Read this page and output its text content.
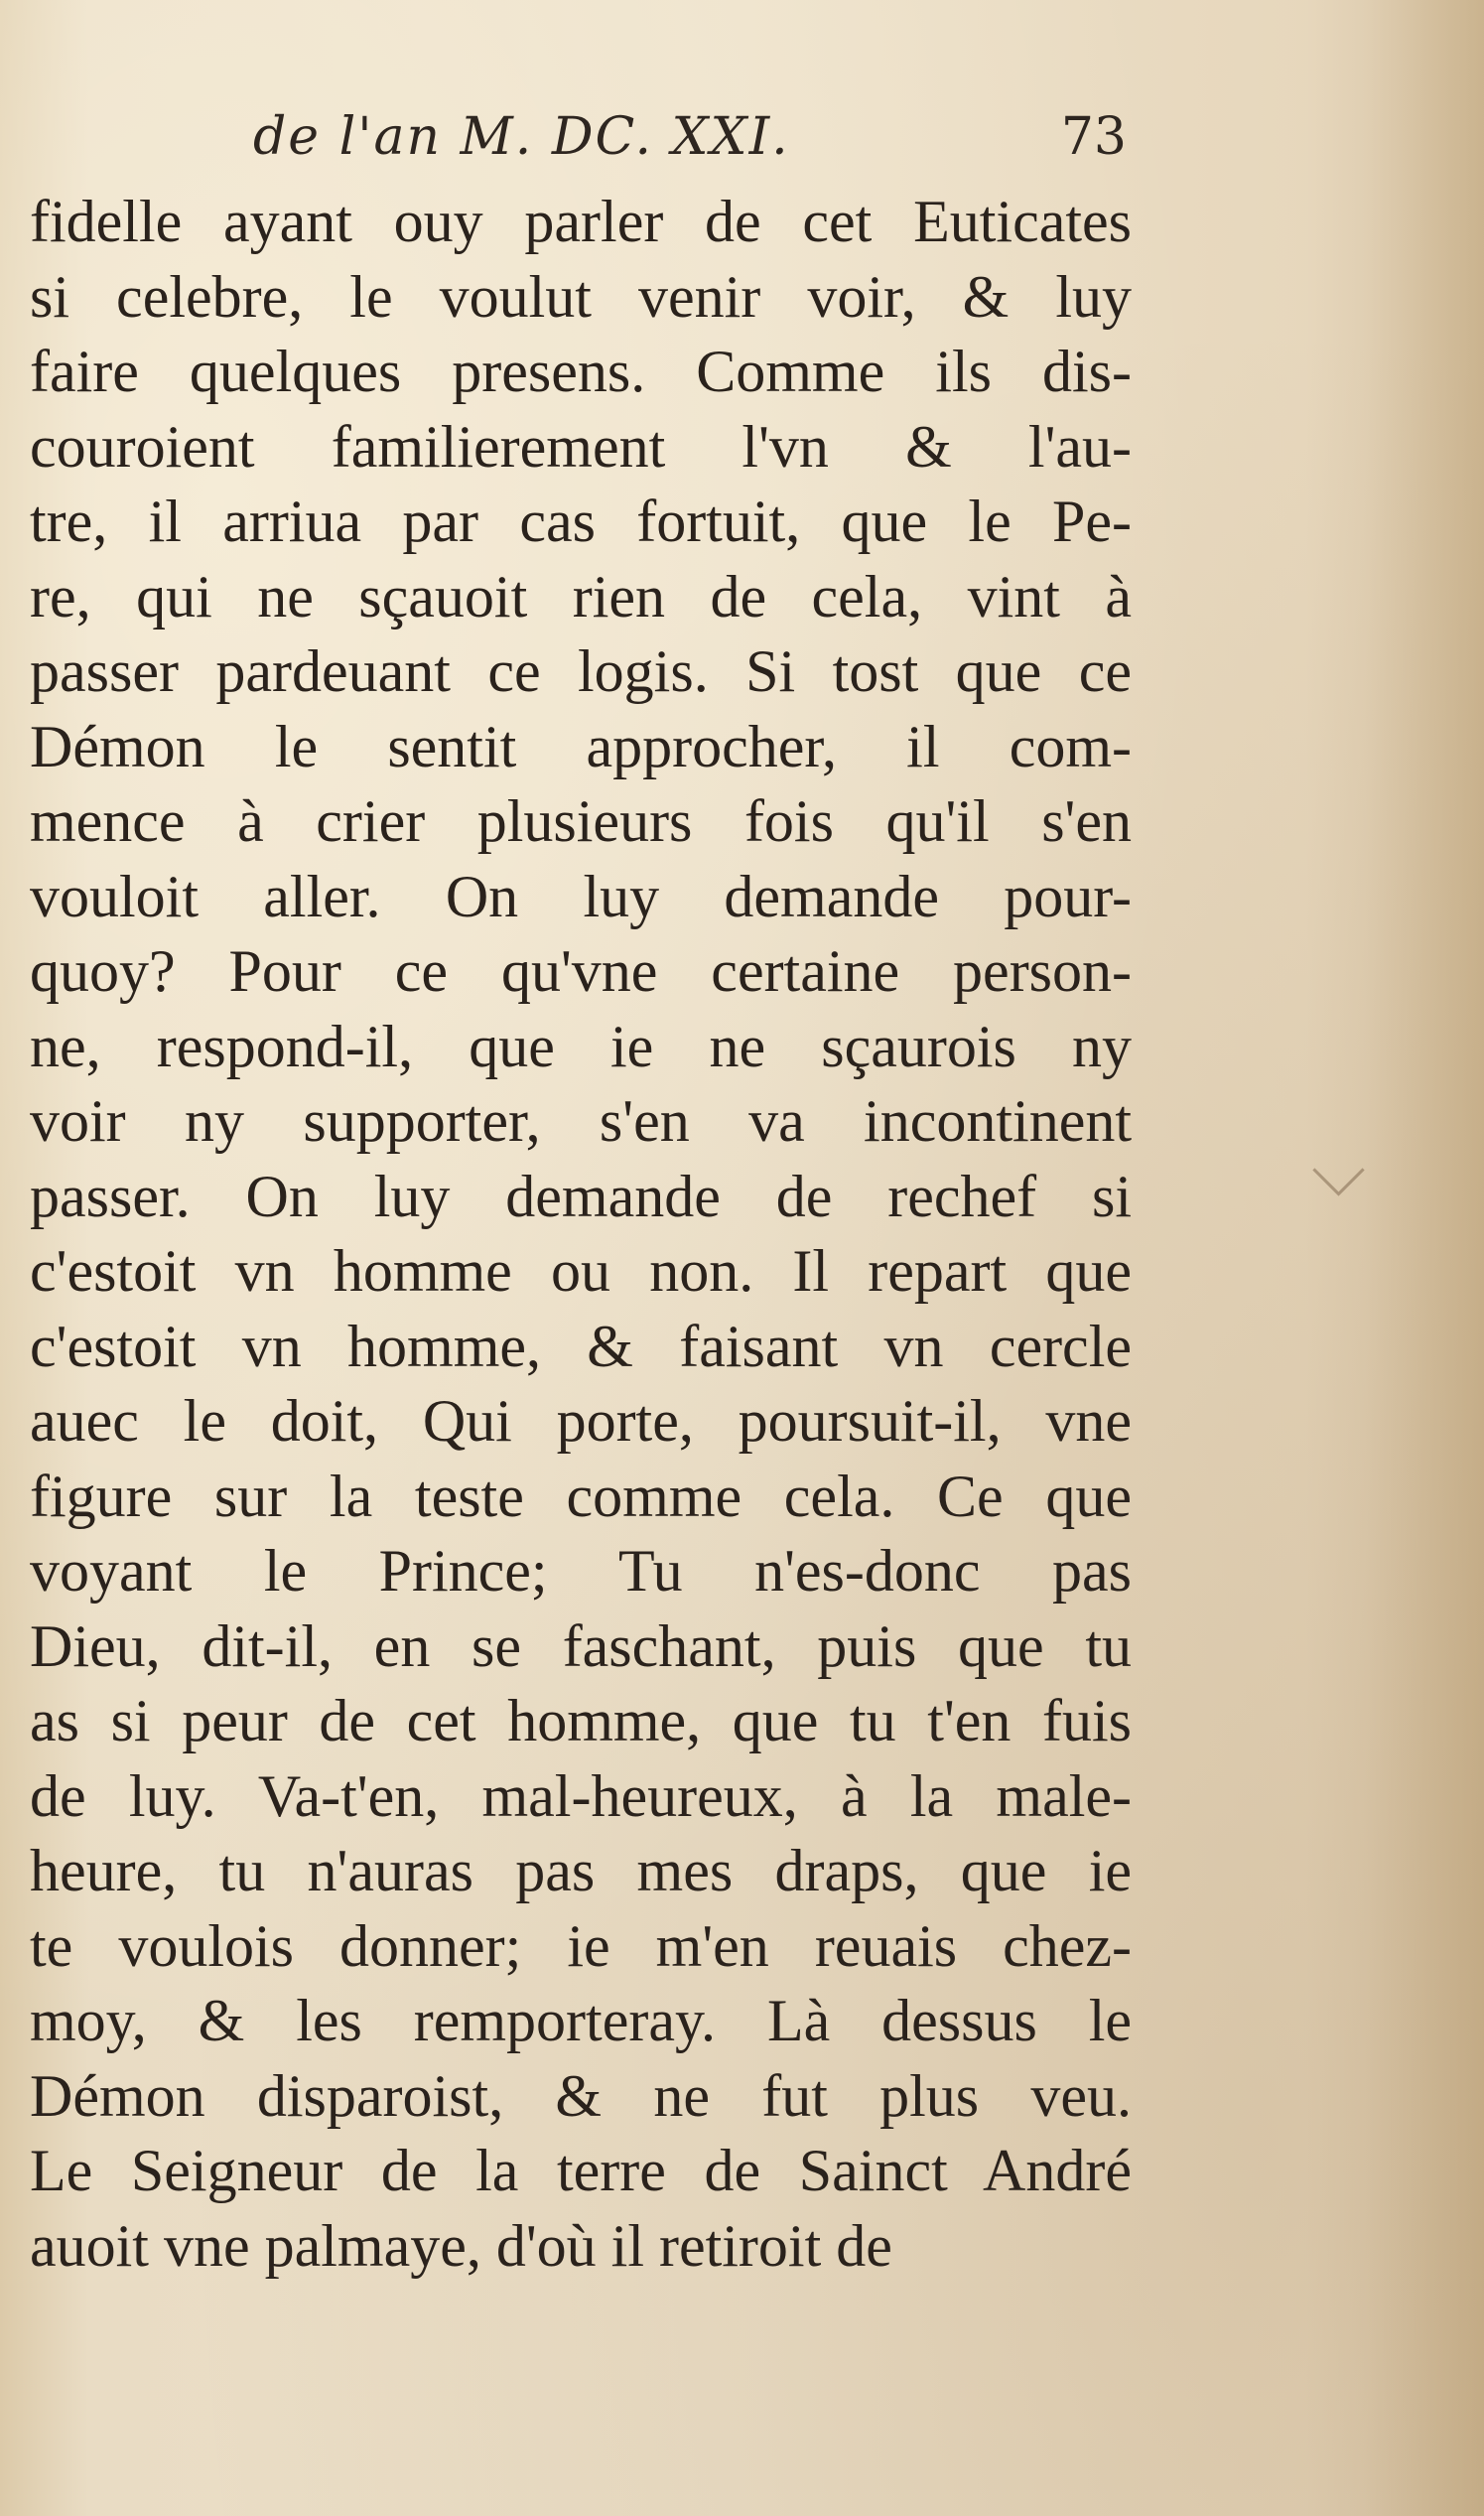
de l'an M. DC. XXI.	73
fidelle ayant ouy parler de cet Euticates
si celebre, le voulut venir voir, & luy
faire quelques presens. Comme ils dis-
couroient familierement l'vn & l'au-
tre, il arriua par cas fortuit, que le Pe-
re, qui ne sçauoit rien de cela, vint à
passer pardeuant ce logis. Si tost que ce
Démon le sentit approcher, il com-
mence à crier plusieurs fois qu'il s'en
vouloit aller. On luy demande pour-
quoy? Pour ce qu'vne certaine person-
ne, respond-il, que ie ne sçaurois ny
voir ny supporter, s'en va incontinent
passer. On luy demande de rechef si
c'estoit vn homme ou non. Il repart que
c'estoit vn homme, & faisant vn cercle
auec le doit, Qui porte, poursuit-il, vne
figure sur la teste comme cela. Ce que
voyant le Prince; Tu n'es-donc pas
Dieu, dit-il, en se faschant, puis que tu
as si peur de cet homme, que tu t'en fuis
de luy. Va-t'en, mal-heureux, à la male-
heure, tu n'auras pas mes draps, que ie
te voulois donner; ie m'en reuais chez-
moy, & les remporteray. Là dessus le
Démon disparoist, & ne fut plus veu.
Le Seigneur de la terre de Sainct André
auoit vne palmaye, d'où il retiroit de
